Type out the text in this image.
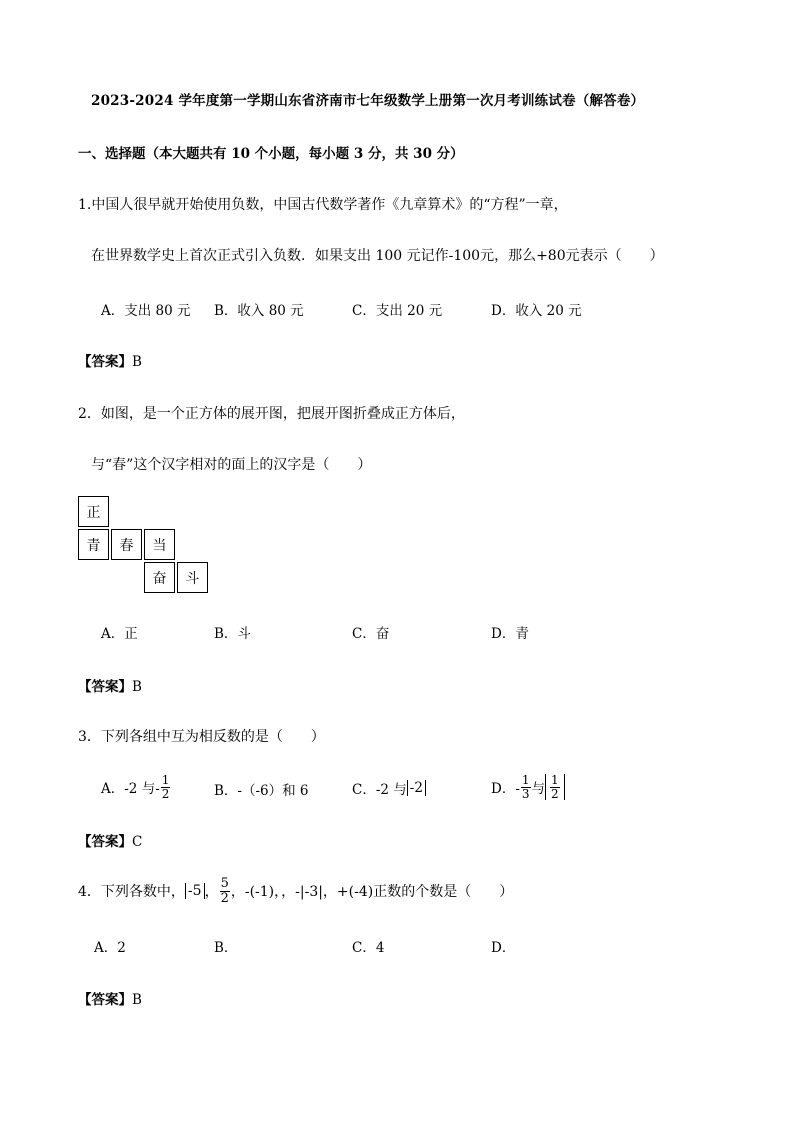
2023-2024 学年度第一学期山东省济南市七年级数学上册第一次月考训练试卷（解答卷）
一、选择题（本大题共有 10 个小题，每小题 3 分，共 30 分）
1.中国人很早就开始使用负数，中国古代数学著作《九章算术》的“方程”一章，
在世界数学史上首次正式引入负数．如果支出 100 元记作-100元，那么+80元表示（　　）
A．支出 80 元 B．收入 80 元	C．支出 20 元	D．收入 20 元
【答案】B
2．如图，是一个正方体的展开图，把展开图折叠成正方体后，
与“春”这个汉字相对的面上的汉字是（　　）
正
青	春	当
奋	斗
A．正	B．斗	C．奋	D．青
【答案】B
3．下列各组中互为相反数的是（　　）
A．-2 与- $\frac{1}{2}$	B．-（-6）和 6	C．-2 与 -2	D．- $\frac{1}{3}$ 与 $\frac{1}{2}$
【答案】C
4．下列各数中， -5 ， $\frac{5}{2}$ ，-(-1)，，-|-3|，+(-4)正数的个数是（　　）
A．2	B．	C．4	D．
【答案】B
